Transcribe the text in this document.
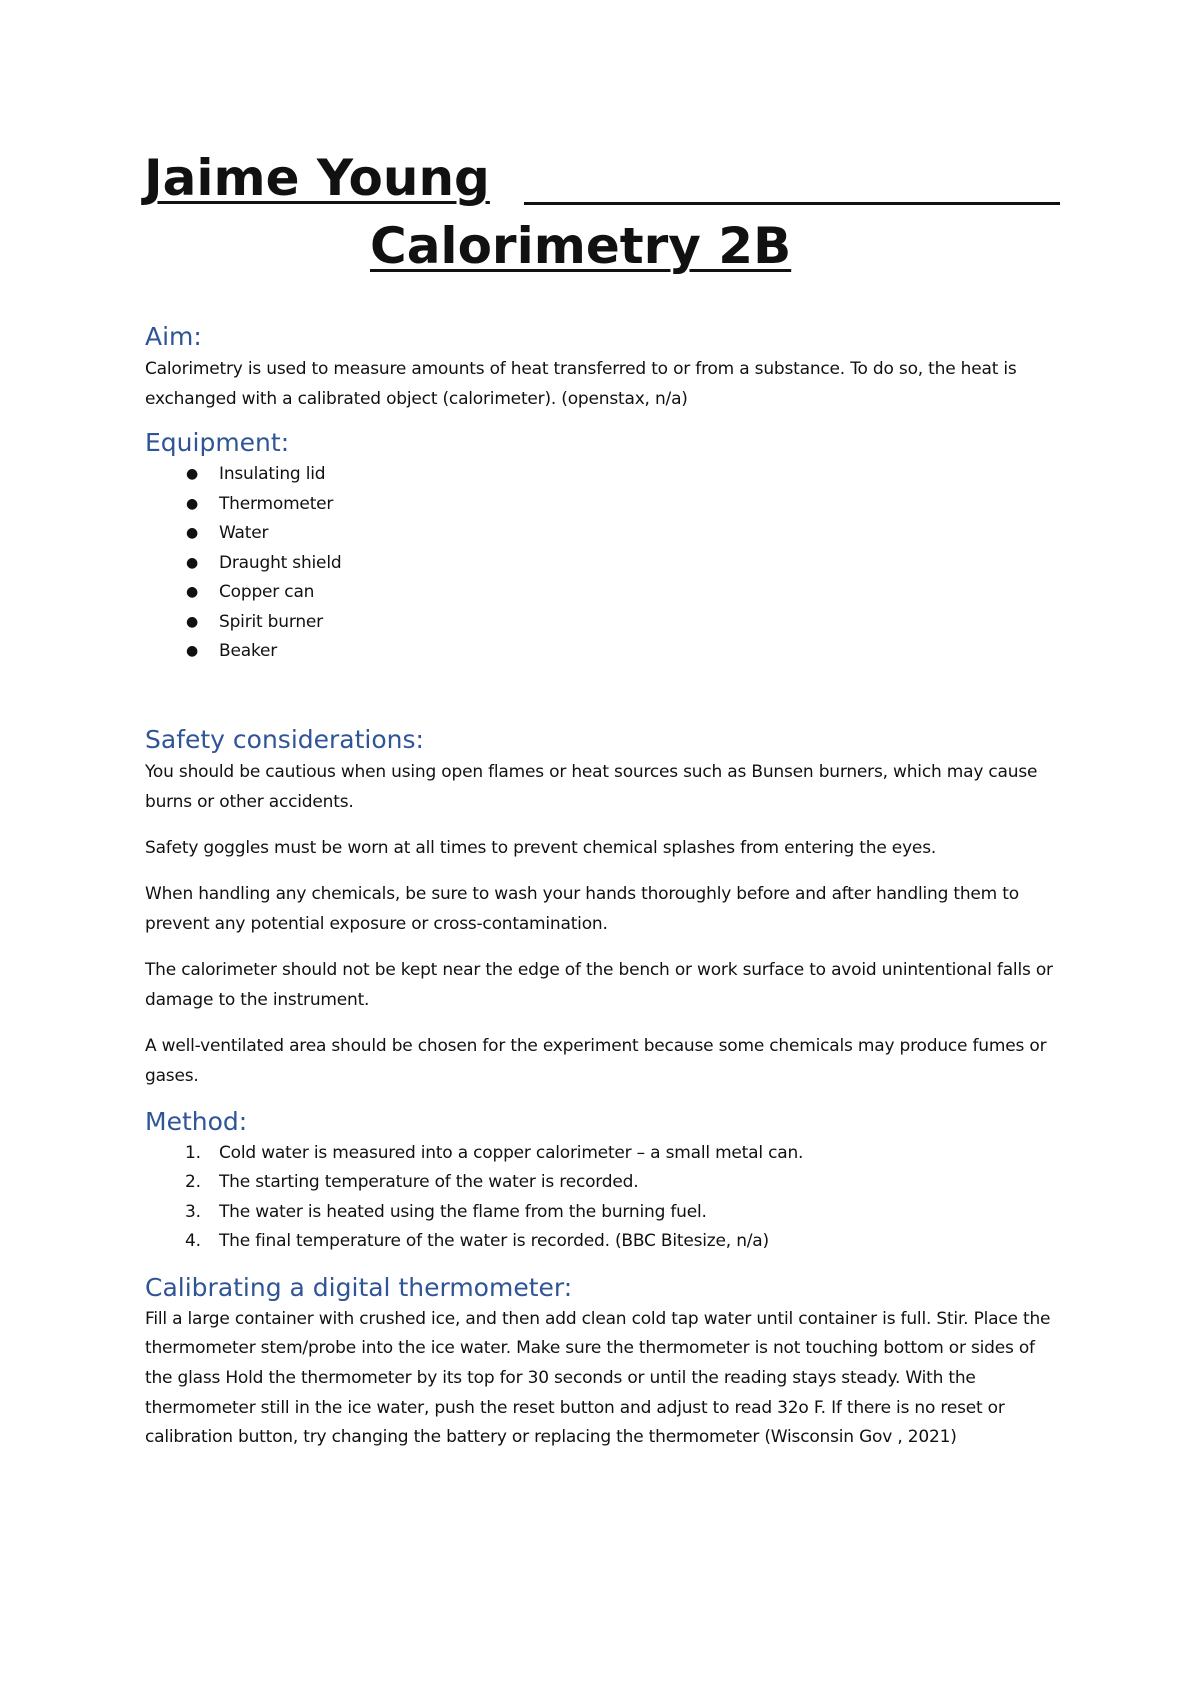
Jaime Young
Calorimetry 2B
Aim:

Calorimetry is used to measure amounts of heat transferred to or from a substance. To do so, the heat is exchanged with a calibrated object (calorimeter). (openstax, n/a)

Equipment:
● Insulating lid
● Thermometer
● Water
● Draught shield
● Copper can
● Spirit burner
● Beaker
Safety considerations:

You should be cautious when using open flames or heat sources such as Bunsen burners, which may cause burns or other accidents.

Safety goggles must be worn at all times to prevent chemical splashes from entering the eyes.

When handling any chemicals, be sure to wash your hands thoroughly before and after handling them to prevent any potential exposure or cross-contamination.

The calorimeter should not be kept near the edge of the bench or work surface to avoid unintentional falls or damage to the instrument.

A well-ventilated area should be chosen for the experiment because some chemicals may produce fumes or gases.

Method:
1. Cold water is measured into a copper calorimeter – a small metal can.
2. The starting temperature of the water is recorded.
3. The water is heated using the flame from the burning fuel.
4. The final temperature of the water is recorded. (BBC Bitesize, n/a)
Calibrating a digital thermometer:

Fill a large container with crushed ice, and then add clean cold tap water until container is full. Stir. Place the thermometer stem/probe into the ice water. Make sure the thermometer is not touching bottom or sides of the glass Hold the thermometer by its top for 30 seconds or until the reading stays steady. With the thermometer still in the ice water, push the reset button and adjust to read 32o F. If there is no reset or calibration button, try changing the battery or replacing the thermometer (Wisconsin Gov , 2021)
